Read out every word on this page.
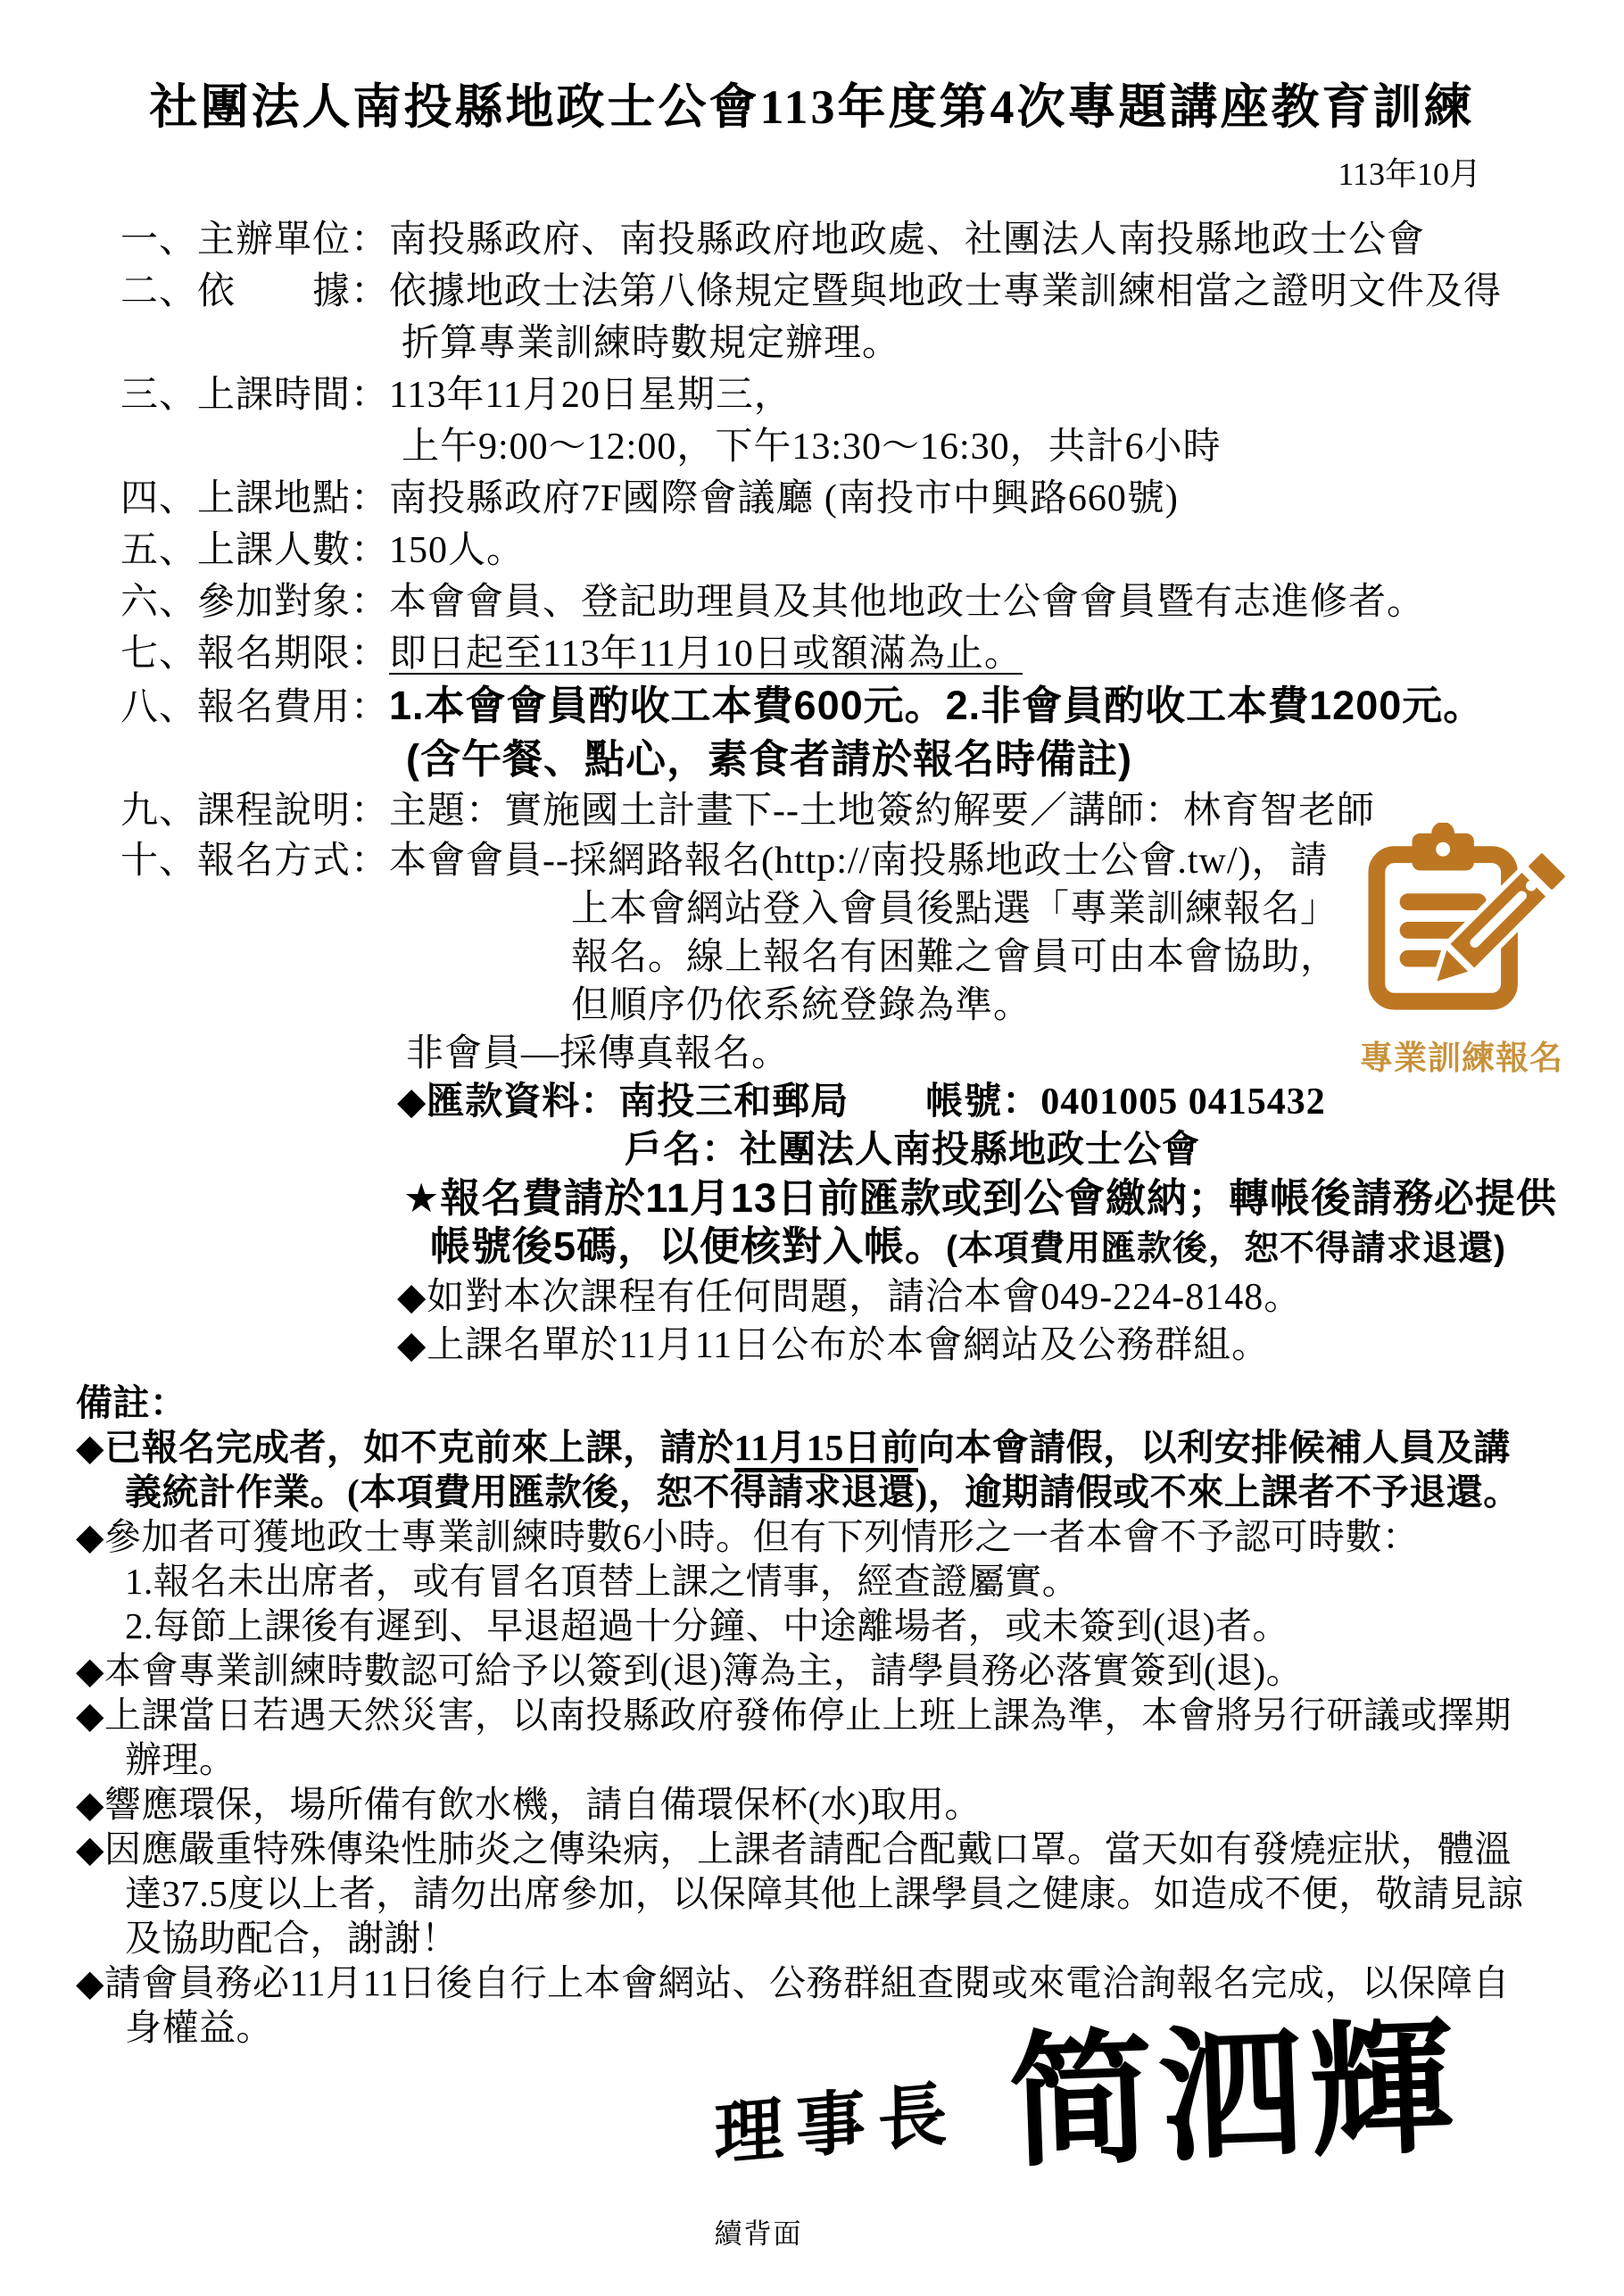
社團法人南投縣地政士公會113年度第4次專題講座教育訓練
113年10月
一、主辦單位：南投縣政府、南投縣政府地政處、社團法人南投縣地政士公會
二、依　　據：依據地政士法第八條規定暨與地政士專業訓練相當之證明文件及得
折算專業訓練時數規定辦理。
三、上課時間：113年11月20日星期三，
上午9:00～12:00，下午13:30～16:30，共計6小時
四、上課地點：南投縣政府7F國際會議廳 (南投市中興路660號)
五、上課人數：150人。
六、參加對象：本會會員、登記助理員及其他地政士公會會員暨有志進修者。
七、報名期限：即日起至113年11月10日或額滿為止。
八、報名費用：1.本會會員酌收工本費600元。2.非會員酌收工本費1200元。
(含午餐、點心，素食者請於報名時備註)
九、課程說明：主題：實施國土計畫下--土地簽約解要／講師：林育智老師
十、報名方式：本會會員--採網路報名(http://南投縣地政士公會.tw/)，請
上本會網站登入會員後點選「專業訓練報名」
報名。線上報名有困難之會員可由本會協助，
但順序仍依系統登錄為準。
非會員—採傳真報名。
◆匯款資料：南投三和郵局　　帳號：0401005 0415432
戶名：社團法人南投縣地政士公會
★報名費請於11月13日前匯款或到公會繳納；轉帳後請務必提供
帳號後5碼，以便核對入帳。(本項費用匯款後，恕不得請求退還)
◆如對本次課程有任何問題，請洽本會049-224-8148。
◆上課名單於11月11日公布於本會網站及公務群組。
備註：
◆已報名完成者，如不克前來上課，請於11月15日前向本會請假，以利安排候補人員及講
義統計作業。(本項費用匯款後，恕不得請求退還)，逾期請假或不來上課者不予退還。
◆參加者可獲地政士專業訓練時數6小時。但有下列情形之一者本會不予認可時數：
1.報名未出席者，或有冒名頂替上課之情事，經查證屬實。
2.每節上課後有遲到、早退超過十分鐘、中途離場者，或未簽到(退)者。
◆本會專業訓練時數認可給予以簽到(退)簿為主，請學員務必落實簽到(退)。
◆上課當日若遇天然災害，以南投縣政府發佈停止上班上課為準，本會將另行研議或擇期
辦理。
◆響應環保，場所備有飲水機，請自備環保杯(水)取用。
◆因應嚴重特殊傳染性肺炎之傳染病，上課者請配合配戴口罩。當天如有發燒症狀，體溫
達37.5度以上者，請勿出席參加，以保障其他上課學員之健康。如造成不便，敬請見諒
及協助配合，謝謝！
◆請會員務必11月11日後自行上本會網站、公務群組查閱或來電洽詢報名完成，以保障自
身權益。
專業訓練報名
理事長 简泗輝
續背面
